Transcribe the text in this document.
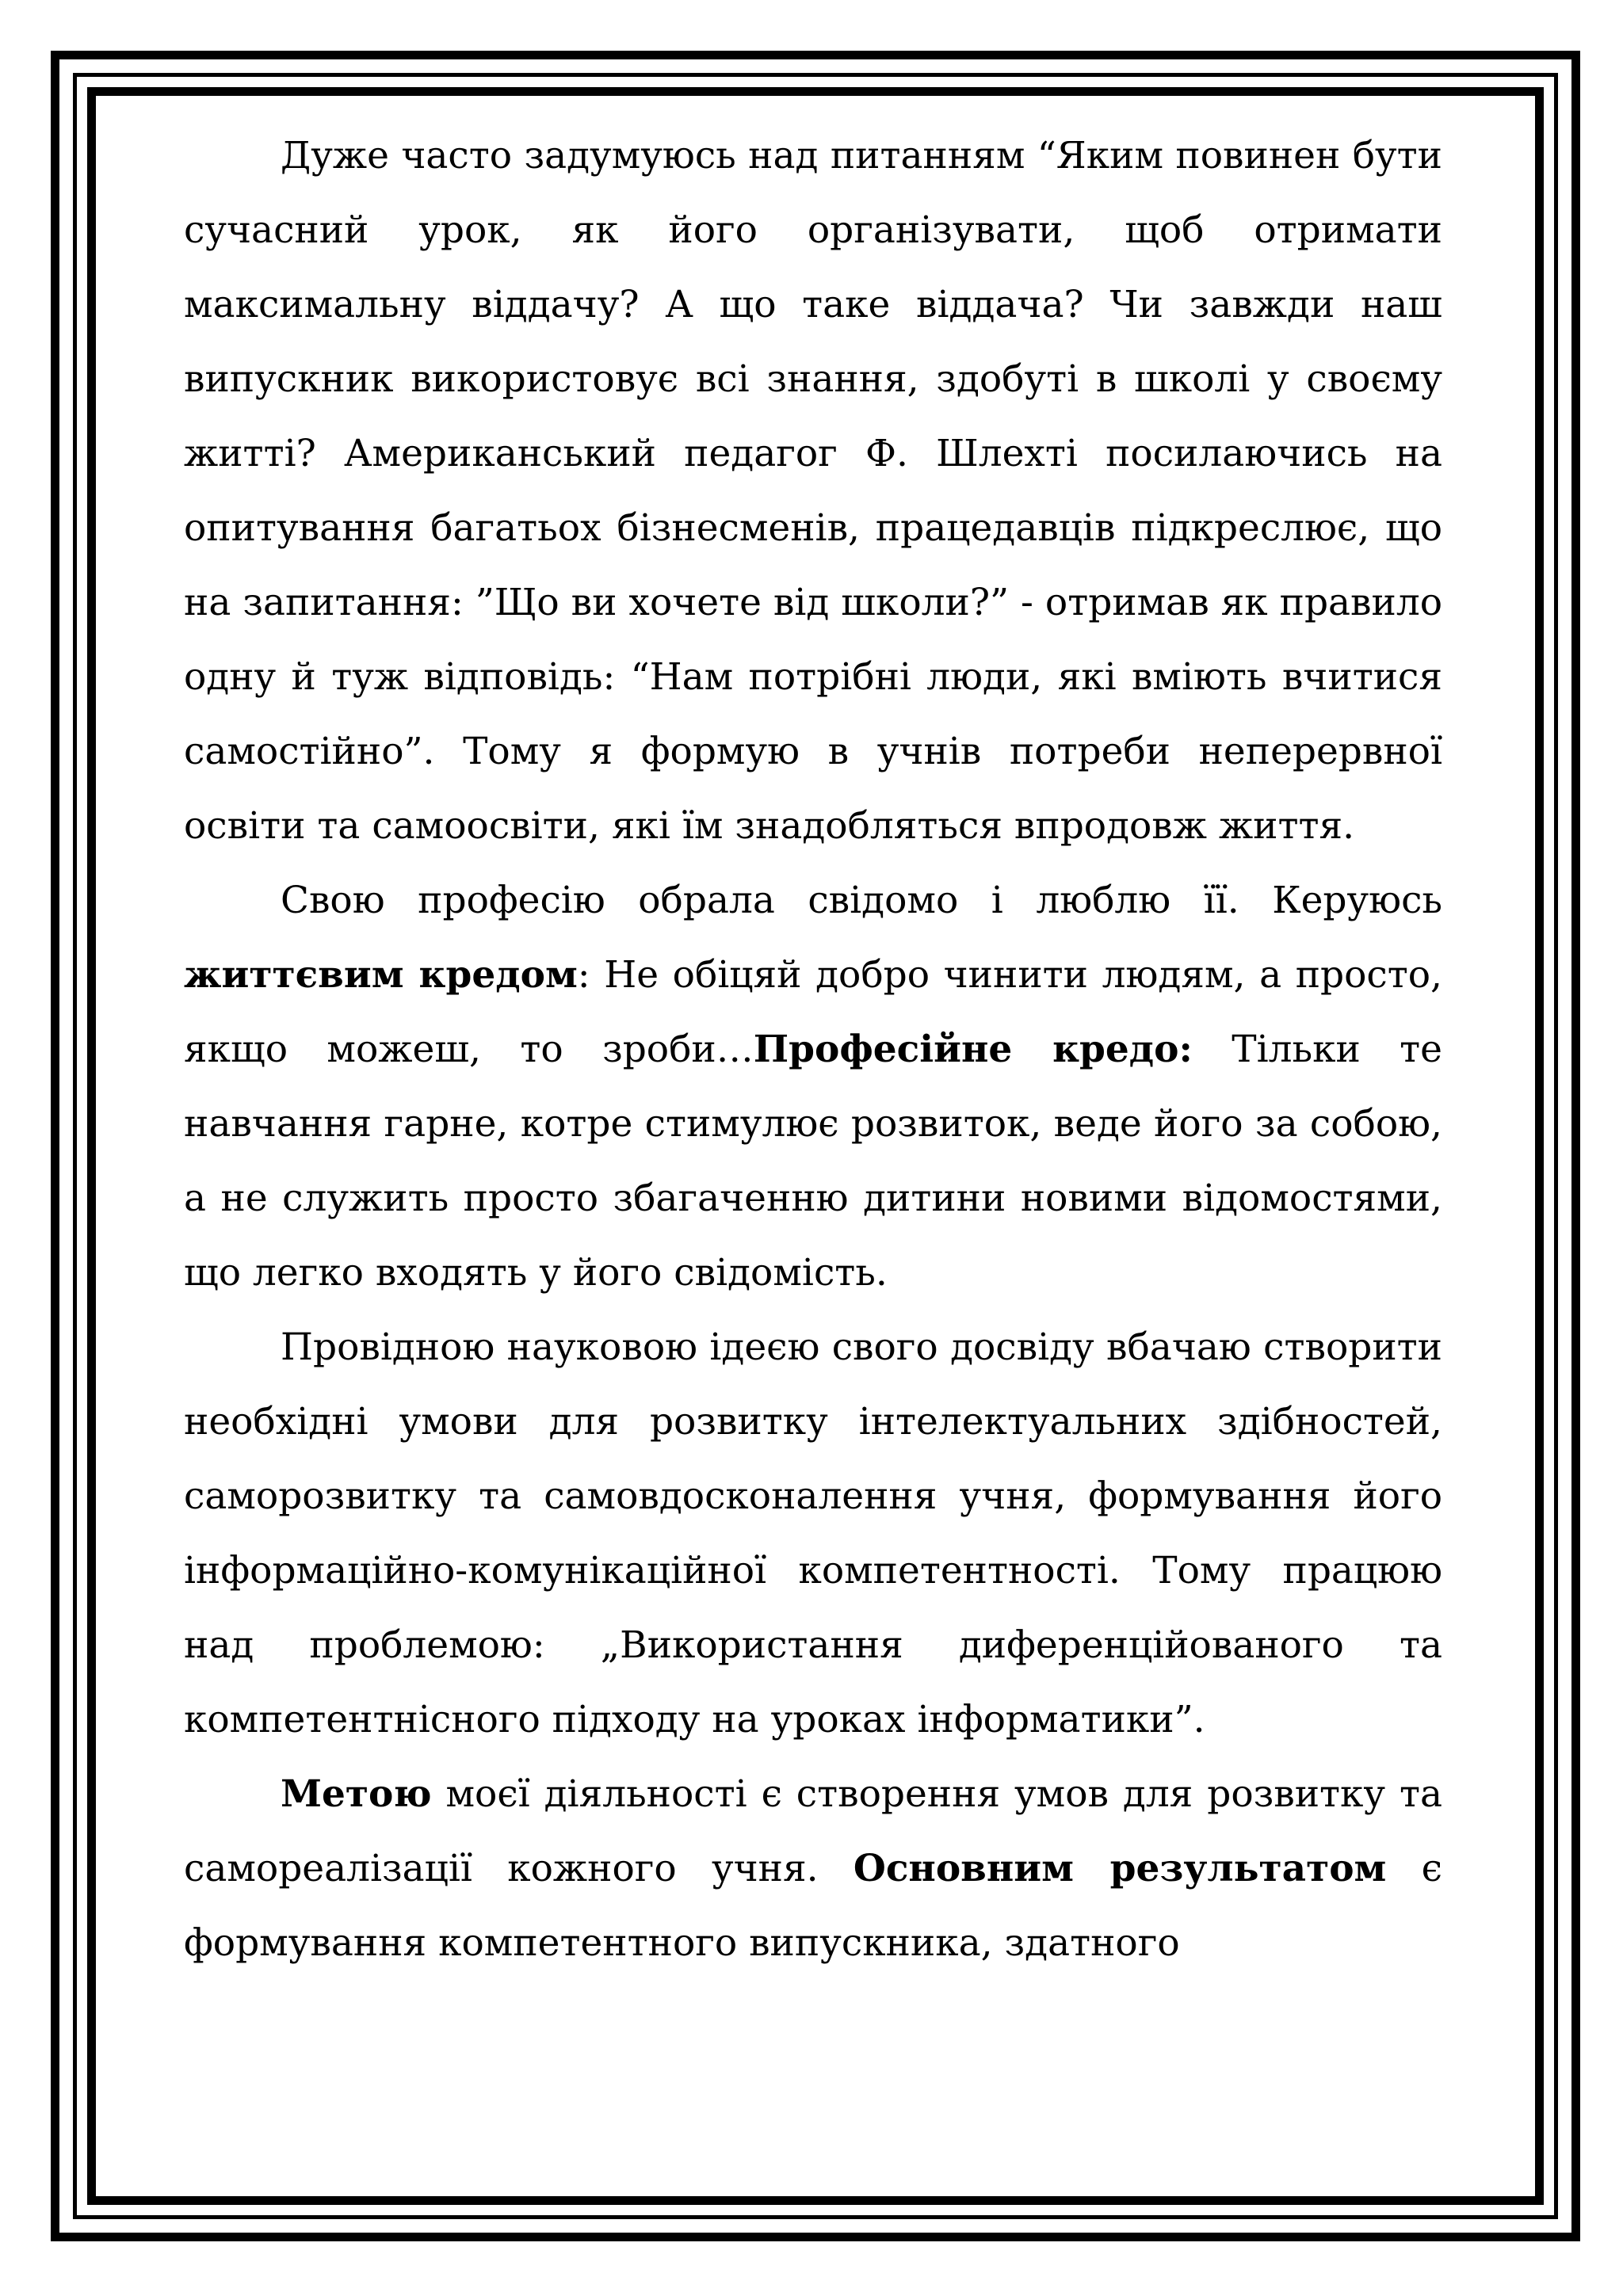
Дуже часто задумуюсь над питанням “Яким повинен бути сучасний урок, як його організувати, щоб отримати максимальну віддачу? А що таке віддача? Чи завжди наш випускник використовує всі знання, здобуті в школі у своєму житті? Американський педагог Ф. Шлехті посилаючись на опитування багатьох бізнесменів, працедавців підкреслює, що на запитання: ”Що ви хочете від школи?” - отримав як правило одну й туж відповідь: “Нам потрібні люди, які вміють вчитися самостійно”. Тому я формую в учнів потреби неперервної освіти та самоосвіти, які їм знадобляться впродовж життя.

Свою професію обрала свідомо і люблю її. Керуюсь життєвим кредом: Не обіцяй добро чинити людям, а просто, якщо можеш, то зроби…Професійне кредо: Тільки те навчання гарне, котре стимулює розвиток, веде його за собою, а не служить просто збагаченню дитини новими відомостями, що легко входять у його свідомість.

Провідною науковою ідеєю свого досвіду вбачаю створити необхідні умови для розвитку інтелектуальних здібностей, саморозвитку та самовдосконалення учня, формування його інформаційно-комунікаційної компетентності. Тому працюю над проблемою: „Використання диференційованого та компетентнісного підходу на уроках інформатики”.

Метою моєї діяльності є створення умов для розвитку та самореалізації кожного учня. Основним результатом є формування компетентного випускника, здатного
